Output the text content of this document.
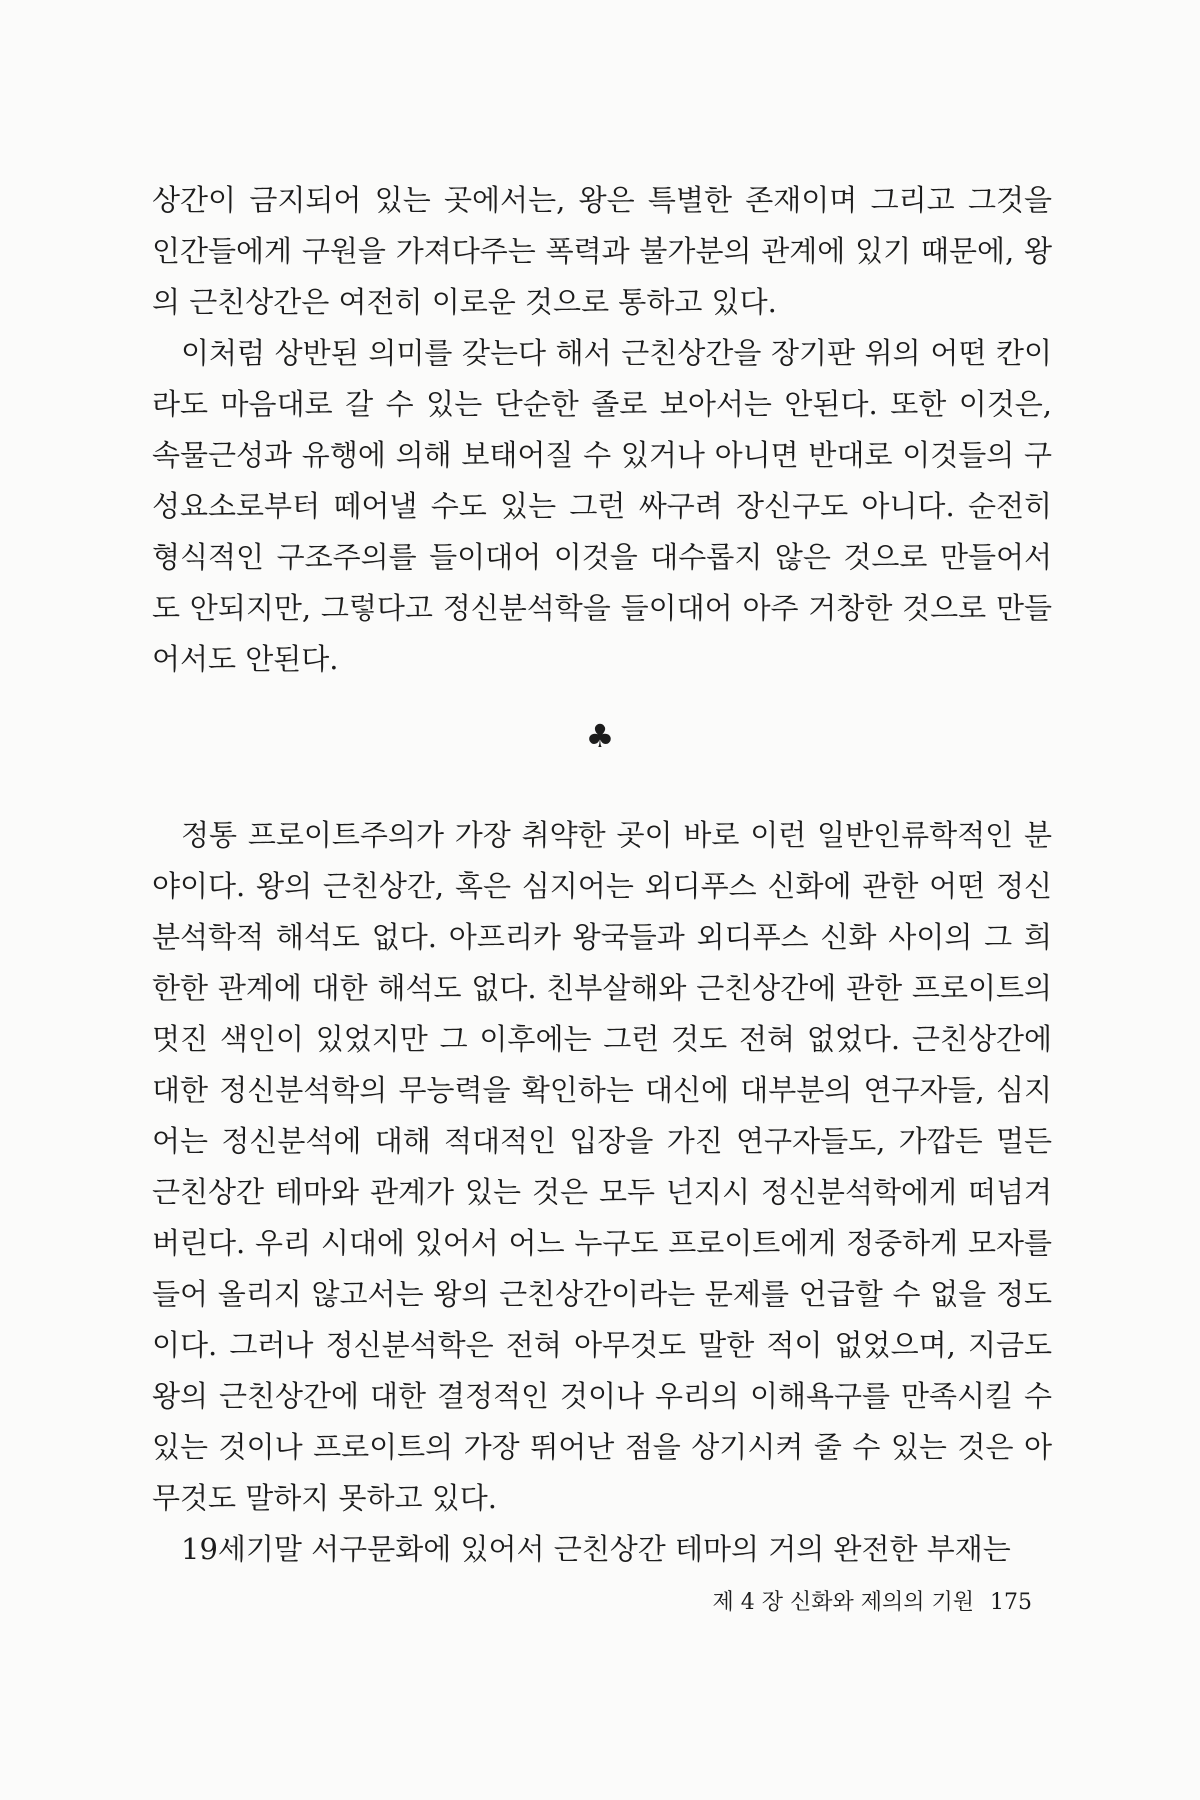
상간이 금지되어 있는 곳에서는, 왕은 특별한 존재이며 그리고 그것을 인간들에게 구원을 가져다주는 폭력과 불가분의 관계에 있기 때문에, 왕의 근친상간은 여전히 이로운 것으로 통하고 있다.

이처럼 상반된 의미를 갖는다 해서 근친상간을 장기판 위의 어떤 칸이라도 마음대로 갈 수 있는 단순한 졸로 보아서는 안된다. 또한 이것은, 속물근성과 유행에 의해 보태어질 수 있거나 아니면 반대로 이것들의 구성요소로부터 떼어낼 수도 있는 그런 싸구려 장신구도 아니다. 순전히 형식적인 구조주의를 들이대어 이것을 대수롭지 않은 것으로 만들어서도 안되지만, 그렇다고 정신분석학을 들이대어 아주 거창한 것으로 만들어서도 안된다.

♣

정통 프로이트주의가 가장 취약한 곳이 바로 이런 일반인류학적인 분야이다. 왕의 근친상간, 혹은 심지어는 외디푸스 신화에 관한 어떤 정신분석학적 해석도 없다. 아프리카 왕국들과 외디푸스 신화 사이의 그 희한한 관계에 대한 해석도 없다. 친부살해와 근친상간에 관한 프로이트의 멋진 색인이 있었지만 그 이후에는 그런 것도 전혀 없었다. 근친상간에 대한 정신분석학의 무능력을 확인하는 대신에 대부분의 연구자들, 심지어는 정신분석에 대해 적대적인 입장을 가진 연구자들도, 가깝든 멀든 근친상간 테마와 관계가 있는 것은 모두 넌지시 정신분석학에게 떠넘겨버린다. 우리 시대에 있어서 어느 누구도 프로이트에게 정중하게 모자를 들어 올리지 않고서는 왕의 근친상간이라는 문제를 언급할 수 없을 정도이다. 그러나 정신분석학은 전혀 아무것도 말한 적이 없었으며, 지금도 왕의 근친상간에 대한 결정적인 것이나 우리의 이해욕구를 만족시킬 수 있는 것이나 프로이트의 가장 뛰어난 점을 상기시켜 줄 수 있는 것은 아무것도 말하지 못하고 있다.

19세기말 서구문화에 있어서 근친상간 테마의 거의 완전한 부재는

제 4 장 신화와 제의의 기원 175
